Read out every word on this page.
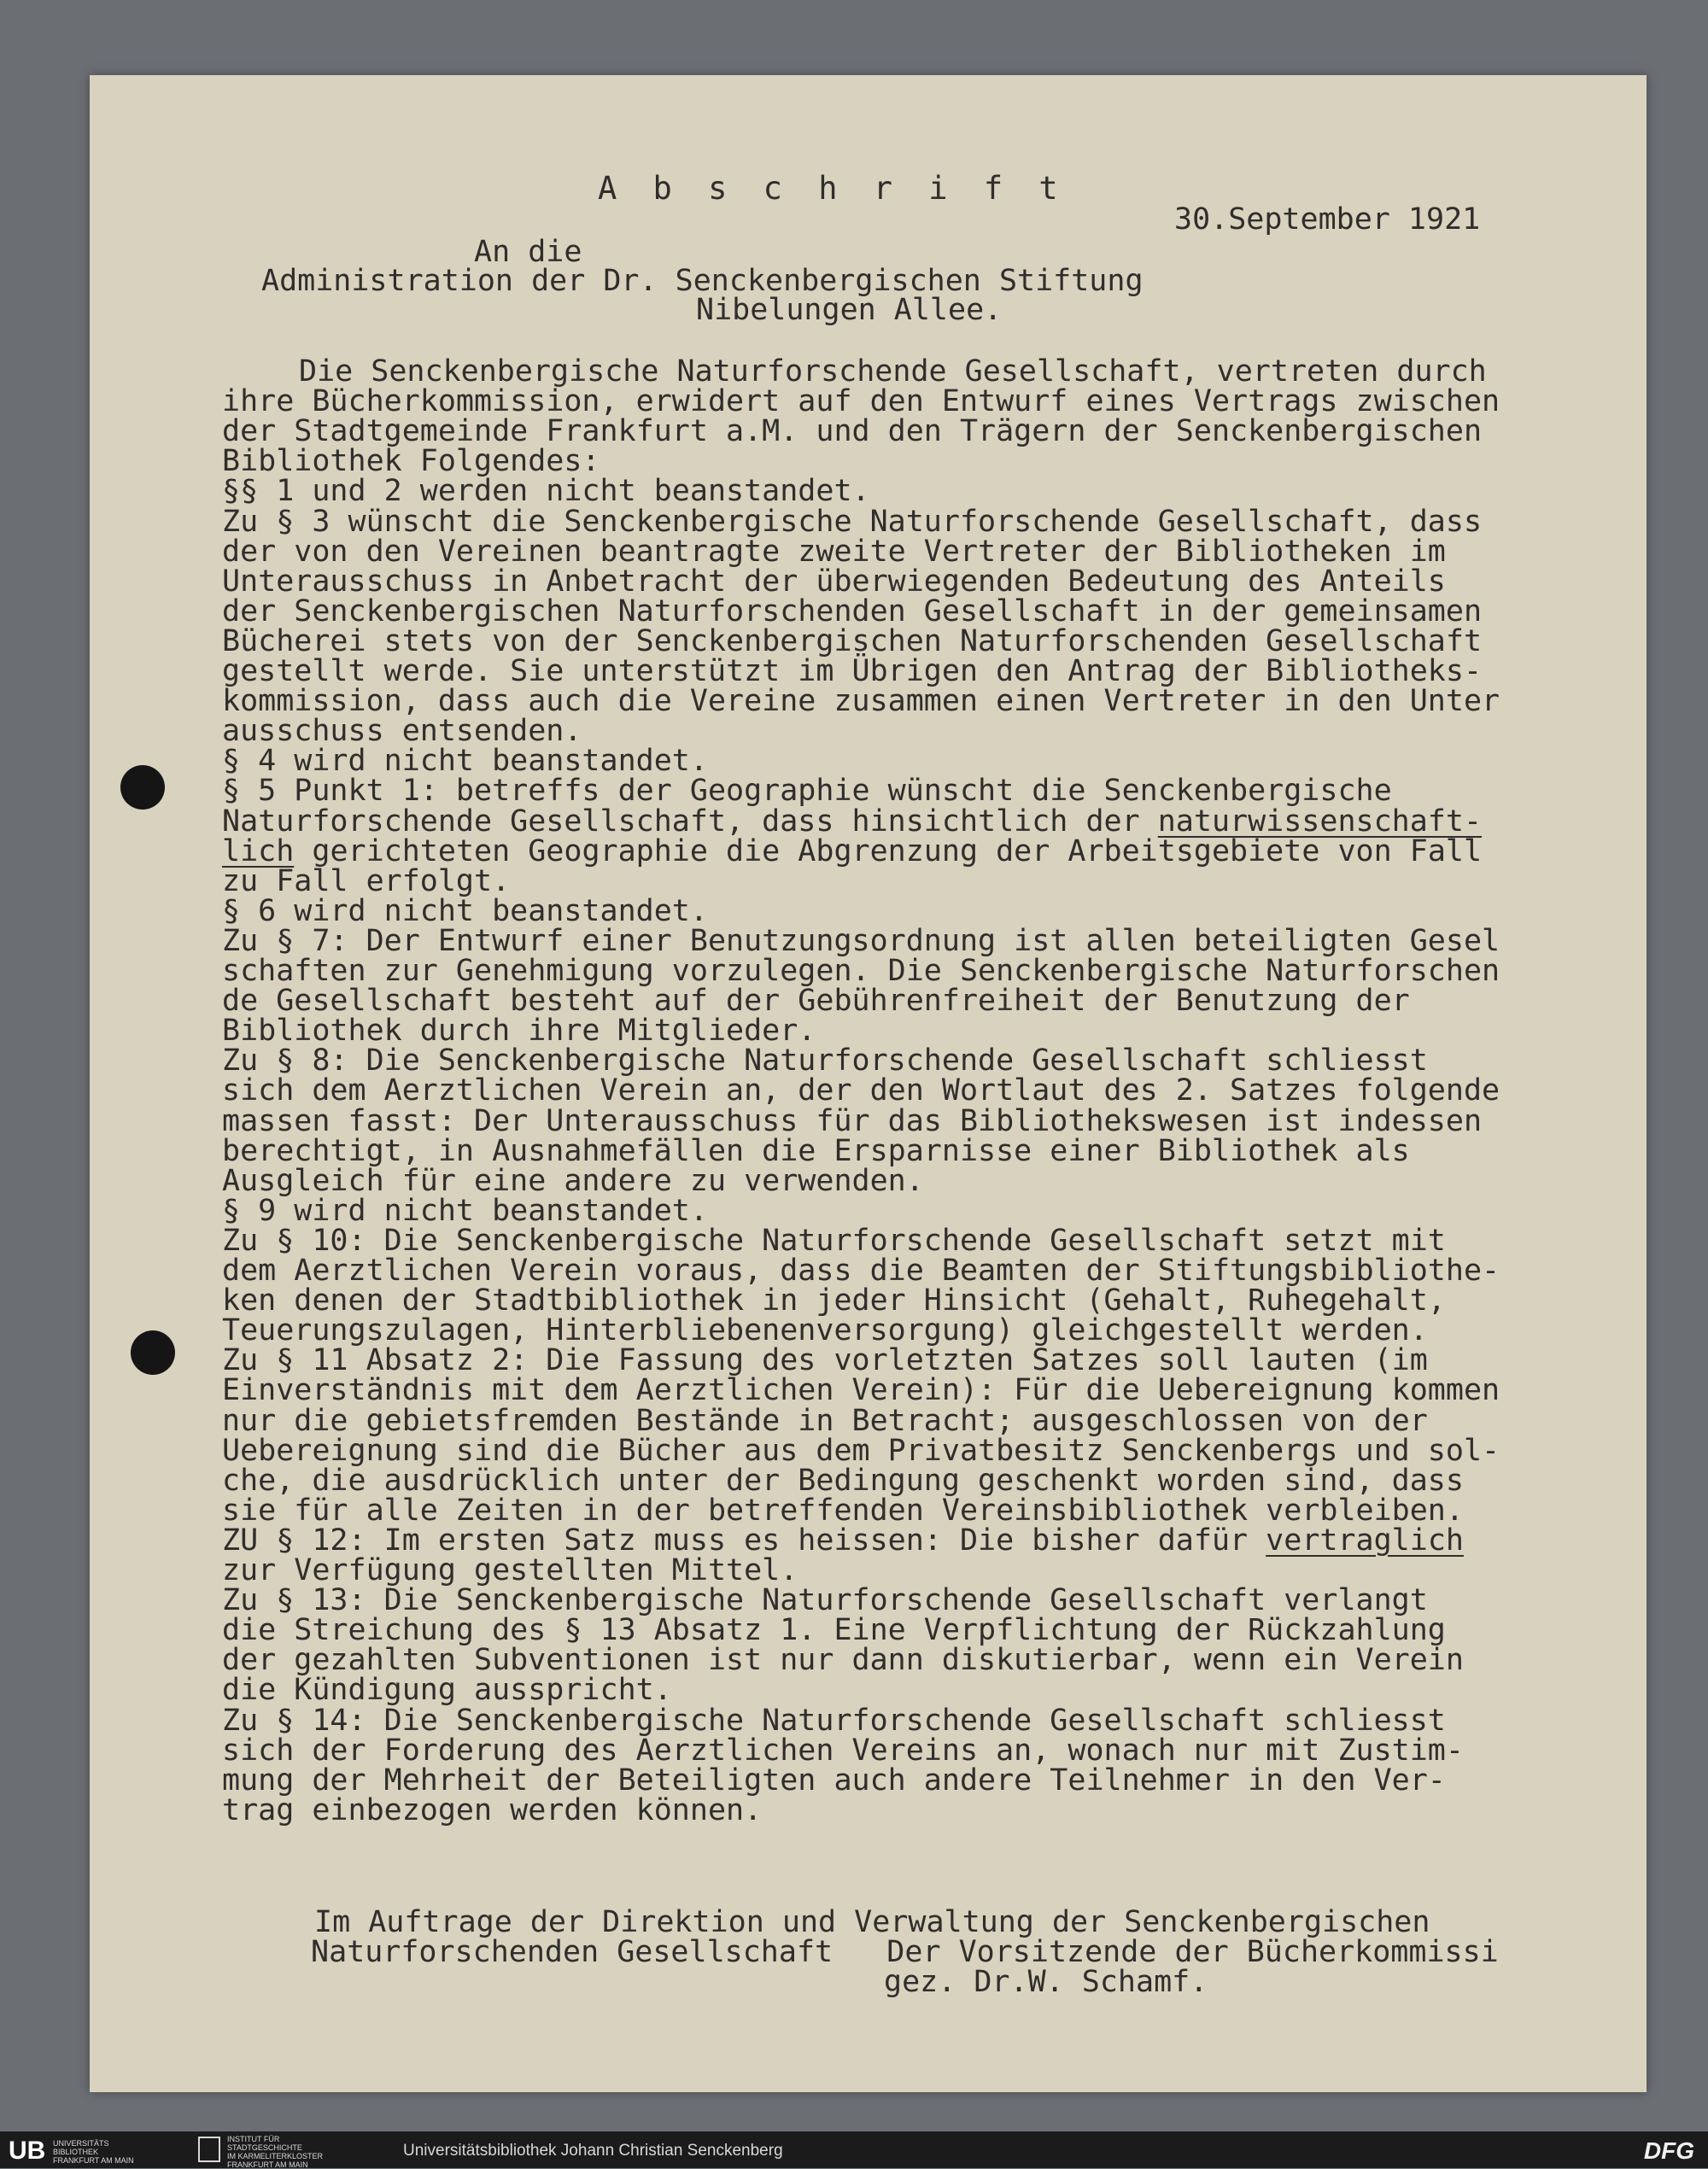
A b s c h r i f t
30.September 1921
An die
Administration der Dr. Senckenbergischen Stiftung
Nibelungen Allee.
Die Senckenbergische Naturforschende Gesellschaft, vertreten durch
ihre Bücherkommission, erwidert auf den Entwurf eines Vertrags zwischen
der Stadtgemeinde Frankfurt a.M. und den Trägern der Senckenbergischen
Bibliothek Folgendes:
§§ 1 und 2 werden nicht beanstandet.
Zu § 3 wünscht die Senckenbergische Naturforschende Gesellschaft, dass
der von den Vereinen beantragte zweite Vertreter der Bibliotheken im
Unterausschuss in Anbetracht der überwiegenden Bedeutung des Anteils
der Senckenbergischen Naturforschenden Gesellschaft in der gemeinsamen
Bücherei stets von der Senckenbergischen Naturforschenden Gesellschaft
gestellt werde. Sie unterstützt im Übrigen den Antrag der Bibliotheks-
kommission, dass auch die Vereine zusammen einen Vertreter in den Unter
ausschuss entsenden.
§ 4 wird nicht beanstandet.
§ 5 Punkt 1: betreffs der Geographie wünscht die Senckenbergische
Naturforschende Gesellschaft, dass hinsichtlich der naturwissenschaft-
lich gerichteten Geographie die Abgrenzung der Arbeitsgebiete von Fall
zu Fall erfolgt.
§ 6 wird nicht beanstandet.
Zu § 7: Der Entwurf einer Benutzungsordnung ist allen beteiligten Gesel
schaften zur Genehmigung vorzulegen. Die Senckenbergische Naturforschen
de Gesellschaft besteht auf der Gebührenfreiheit der Benutzung der
Bibliothek durch ihre Mitglieder.
Zu § 8: Die Senckenbergische Naturforschende Gesellschaft schliesst
sich dem Aerztlichen Verein an, der den Wortlaut des 2. Satzes folgende
massen fasst: Der Unterausschuss für das Bibliothekswesen ist indessen
berechtigt, in Ausnahmefällen die Ersparnisse einer Bibliothek als
Ausgleich für eine andere zu verwenden.
§ 9 wird nicht beanstandet.
Zu § 10: Die Senckenbergische Naturforschende Gesellschaft setzt mit
dem Aerztlichen Verein voraus, dass die Beamten der Stiftungsbibliothe-
ken denen der Stadtbibliothek in jeder Hinsicht (Gehalt, Ruhegehalt,
Teuerungszulagen, Hinterbliebenenversorgung) gleichgestellt werden.
Zu § 11 Absatz 2: Die Fassung des vorletzten Satzes soll lauten (im
Einverständnis mit dem Aerztlichen Verein): Für die Uebereignung kommen
nur die gebietsfremden Bestände in Betracht; ausgeschlossen von der
Uebereignung sind die Bücher aus dem Privatbesitz Senckenbergs und sol-
che, die ausdrücklich unter der Bedingung geschenkt worden sind, dass
sie für alle Zeiten in der betreffenden Vereinsbibliothek verbleiben.
ZU § 12: Im ersten Satz muss es heissen: Die bisher dafür vertraglich
zur Verfügung gestellten Mittel.
Zu § 13: Die Senckenbergische Naturforschende Gesellschaft verlangt
die Streichung des § 13 Absatz 1. Eine Verpflichtung der Rückzahlung
der gezahlten Subventionen ist nur dann diskutierbar, wenn ein Verein
die Kündigung ausspricht.
Zu § 14: Die Senckenbergische Naturforschende Gesellschaft schliesst
sich der Forderung des Aerztlichen Vereins an, wonach nur mit Zustim-
mung der Mehrheit der Beteiligten auch andere Teilnehmer in den Ver-
trag einbezogen werden können.
Im Auftrage der Direktion und Verwaltung der Senckenbergischen
Naturforschenden Gesellschaft   Der Vorsitzende der Bücherkommissi
gez. Dr.W. Schamf.
UB UNIVERSITÄTS
BIBLIOTHEK
FRANKFURT AM MAIN
INSTITUT FÜR
STADTGESCHICHTE
IM KARMELITERKLOSTER
FRANKFURT AM MAIN
Universitätsbibliothek Johann Christian Senckenberg	DFG
